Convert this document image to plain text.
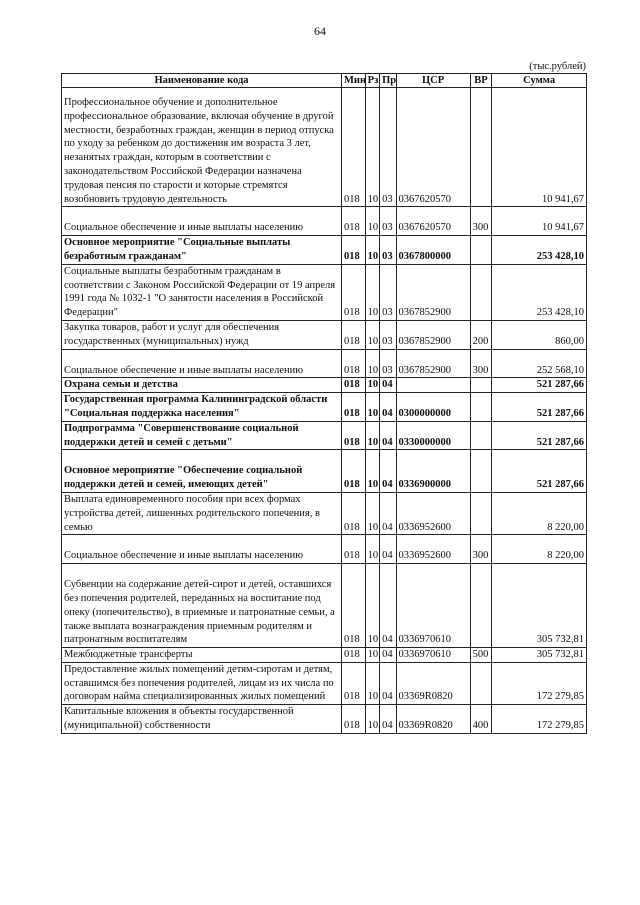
64
(тыс.рублей)
Наименование кода	Мин	Рз	Пр	ЦСР	ВР	Сумма
Профессиональное обучение и дополнительное профессиональное образование, включая обучение в другой местности, безработных граждан, женщин в период отпуска по уходу за ребенком до достижения им возраста 3 лет, незанятых граждан, которым в соответствии с законодательством Российской Федерации назначена трудовая пенсия по старости и которые стремятся возобновить трудовую деятельность	018	10	03	0367620570		10 941,67
Социальное обеспечение и иные выплаты населению	018	10	03	0367620570	300	10 941,67
Основное мероприятие "Социальные выплаты безработным гражданам"	018	10	03	0367800000		253 428,10
Социальные выплаты безработным гражданам в соответствии с Законом Российской Федерации от 19 апреля 1991 года № 1032-1 "О занятости населения в Российской Федерации"	018	10	03	0367852900		253 428,10
Закупка товаров, работ и услуг для обеспечения государственных (муниципальных) нужд	018	10	03	0367852900	200	860,00
Социальное обеспечение и иные выплаты населению	018	10	03	0367852900	300	252 568,10
Охрана семьи и детства	018	10	04			521 287,66
Государственная программа Калининградской области "Социальная поддержка населения"	018	10	04	0300000000		521 287,66
Подпрограмма "Совершенствование социальной поддержки детей и семей с детьми"	018	10	04	0330000000		521 287,66
Основное мероприятие "Обеспечение социальной поддержки детей и семей, имеющих детей"	018	10	04	0336900000		521 287,66
Выплата единовременного пособия при всех формах устройства детей, лишенных родительского попечения, в семью	018	10	04	0336952600		8 220,00
Социальное обеспечение и иные выплаты населению	018	10	04	0336952600	300	8 220,00
Субвенции на содержание детей-сирот и детей, оставшихся без попечения родителей, переданных на воспитание под опеку (попечительство), в приемные и патронатные семьи, а также выплата вознаграждения приемным родителям и патронатным воспитателям	018	10	04	0336970610		305 732,81
Межбюджетные трансферты	018	10	04	0336970610	500	305 732,81
Предоставление жилых помещений детям-сиротам и детям, оставшимся без попечения родителей, лицам из их числа по договорам найма специализированных жилых помещений	018	10	04	03369R0820		172 279,85
Капитальные вложения в объекты государственной (муниципальной) собственности	018	10	04	03369R0820	400	172 279,85
